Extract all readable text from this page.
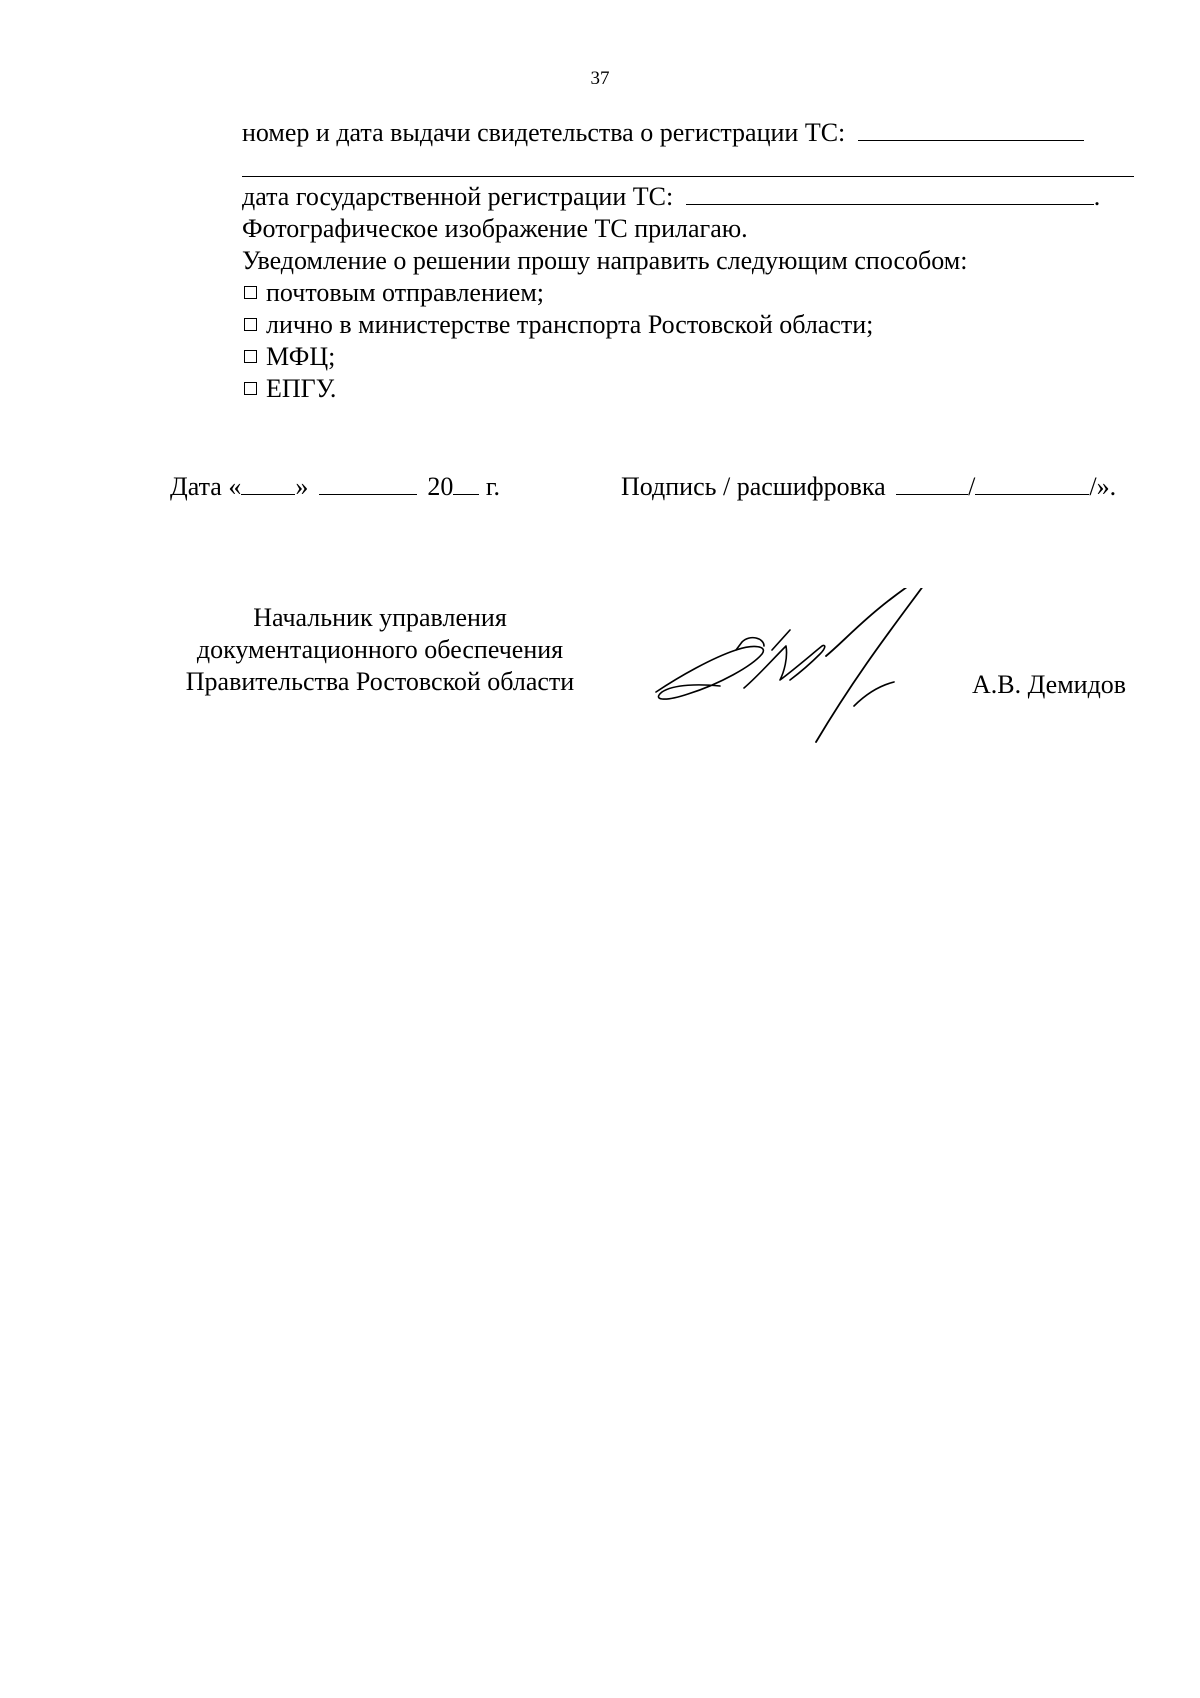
37
номер и дата выдачи свидетельства о регистрации ТС:
дата государственной регистрации ТС:	.
Фотографическое изображение ТС прилагаю.
Уведомление о решении прошу направить следующим способом:
почтовым отправлением;
лично в министерстве транспорта Ростовской области;
МФЦ;
ЕПГУ.
Дата « »	20 г.	Подпись / расшифровка	/	/».
Начальник управления
документационного обеспечения
Правительства Ростовской области	А.В. Демидов
